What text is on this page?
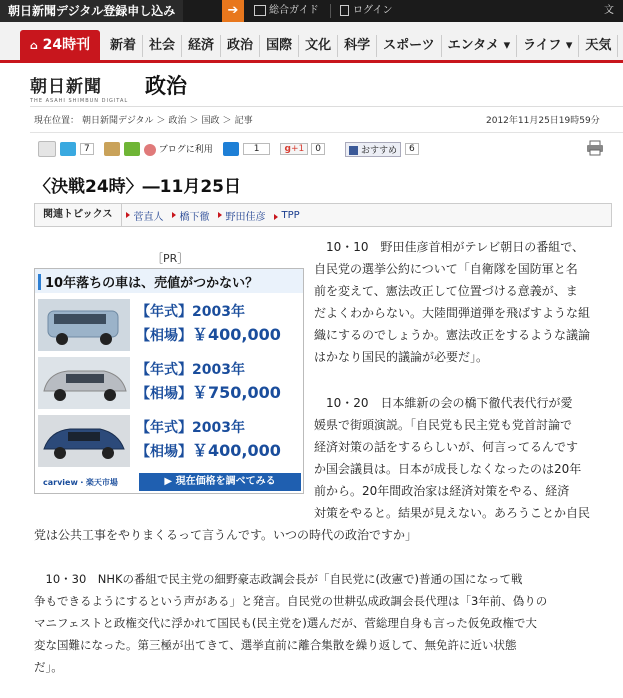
朝日新聞デジタル登録申し込み	➔	総合ガイド	ログイン	文
⌂ 24時刊	新着	社会	経済	政治	国際	文化	科学	スポーツ	エンタメ ▾	ライフ ▾	天気
朝日新聞
THE ASAHI SHIMBUN DIGITAL
政治
現在位置： 朝日新聞デジタル ＞ 政治 ＞ 国政 ＞ 記事	2012年11月25日19時59分
7	ブログに利用	1	g+1	0	おすすめ	6
〈決戦24時〉―11月25日
関連トピックス	菅直人	橋下徹	野田佳彦	TPP
［PR］
10年落ちの車は、売値がつかない？
【年式】2003年
【相場】￥400,000
【年式】2003年
【相場】￥750,000
【年式】2003年
【相場】￥400,000
carview・楽天市場	▶ 現在価格を調べてみる
　10・10　野田佳彦首相がテレビ朝日の番組で、
自民党の選挙公約について「自衛隊を国防軍と名
前を変えて、憲法改正して位置づける意義が、ま
だよくわからない。大陸間弾道弾を飛ばすような組
織にするのでしょうか。憲法改正をするような議論
はかなり国民的議論が必要だ」。
　10・20　日本維新の会の橋下徹代表代行が愛
媛県で街頭演説。「自民党も民主党も党首討論で
経済対策の話をするらしいが、何言ってるんです
か国会議員は。日本が成長しなくなったのは20年
前から。20年間政治家は経済対策をやる、経済
対策をやると。結果が見えない。あろうことか自民
党は公共工事をやりまくるって言うんです。いつの時代の政治ですか」
　10・30　NHKの番組で民主党の細野豪志政調会長が「自民党に(改憲で)普通の国になって戦
争もできるようにするという声がある」と発言。自民党の世耕弘成政調会長代理は「3年前、偽りの
マニフェストと政権交代に浮かれて国民も(民主党を)選んだが、菅総理自身も言った仮免政権で大
変な国難になった。第三極が出てきて、選挙直前に離合集散を繰り返して、無免許に近い状態
だ」。
